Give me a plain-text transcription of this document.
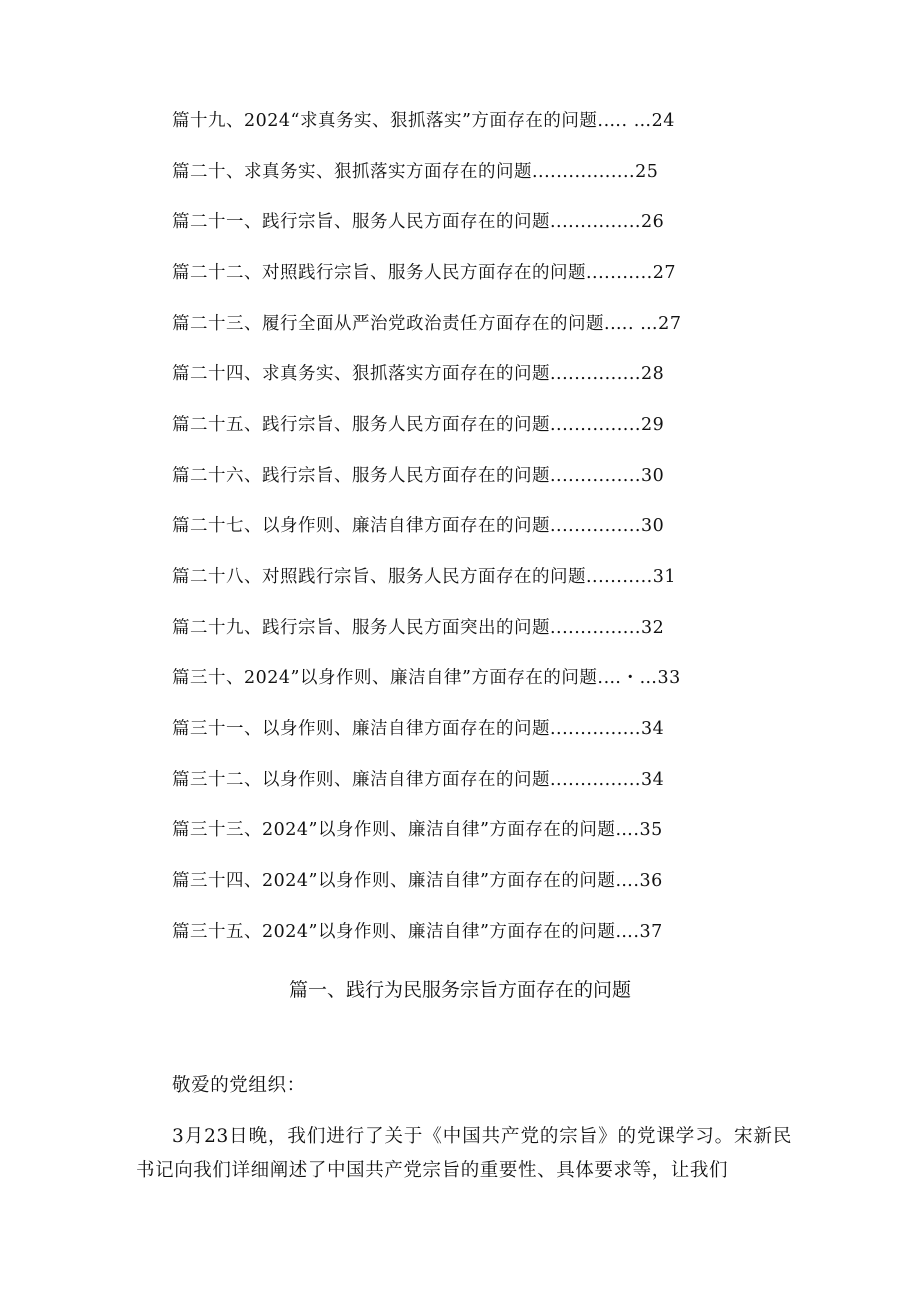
篇十九、2024“求真务实、狠抓落实”方面存在的问题.…. …24
篇二十、求真务实、狠抓落实方面存在的问题.................25
篇二十一、践行宗旨、服务人民方面存在的问题...............26
篇二十二、对照践行宗旨、服务人民方面存在的问题...........27
篇二十三、履行全面从严治党政治责任方面存在的问题.…. …27
篇二十四、求真务实、狠抓落实方面存在的问题...............28
篇二十五、践行宗旨、服务人民方面存在的问题...............29
篇二十六、践行宗旨、服务人民方面存在的问题...............30
篇二十七、以身作则、廉洁自律方面存在的问题...............30
篇二十八、对照践行宗旨、服务人民方面存在的问题...........31
篇二十九、践行宗旨、服务人民方面突出的问题...............32
篇三十、2024”以身作则、廉洁自律”方面存在的问题.…・…33
篇三十一、以身作则、廉洁自律方面存在的问题...............34
篇三十二、以身作则、廉洁自律方面存在的问题...............34
篇三十三、2024”以身作则、廉洁自律”方面存在的问题….35
篇三十四、2024”以身作则、廉洁自律”方面存在的问题….36
篇三十五、2024”以身作则、廉洁自律”方面存在的问题….37
篇一、践行为民服务宗旨方面存在的问题
敬爱的党组织：
3月23日晚，我们进行了关于《中国共产党的宗旨》的党课学习。宋新民书记向我们详细阐述了中国共产党宗旨的重要性、具体要求等，让我们
